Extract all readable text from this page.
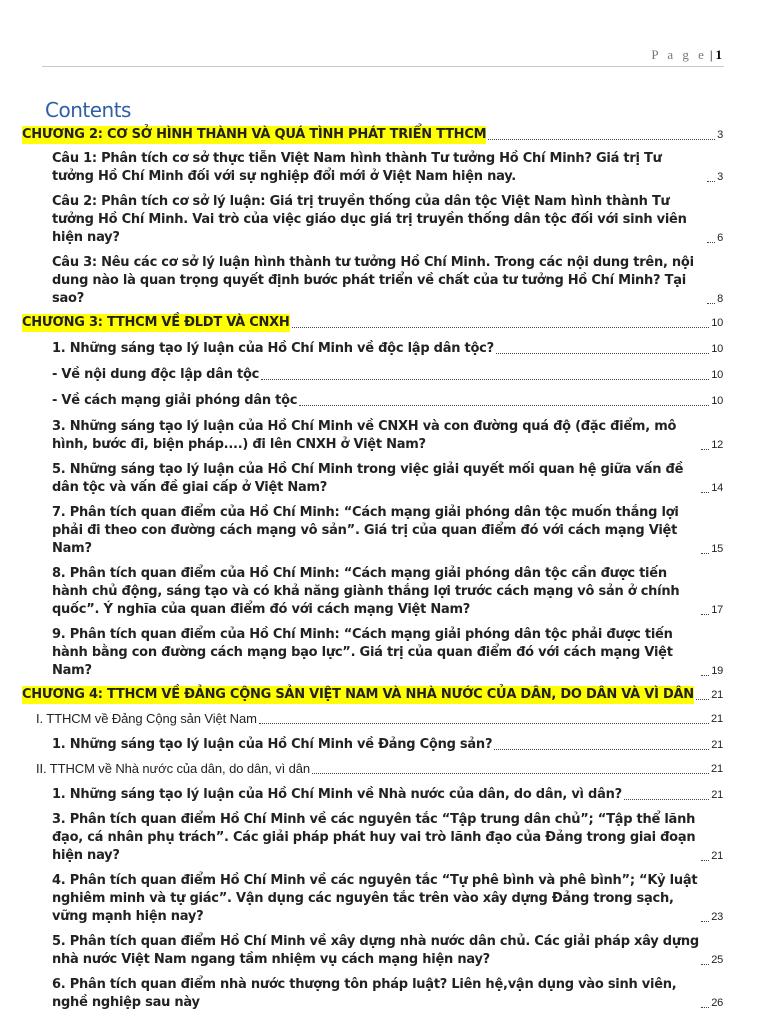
P a g e | 1
Contents
CHƯƠNG 2: CƠ SỞ HÌNH THÀNH VÀ QUÁ TÌNH PHÁT TRIỂN TTHCM	3
Câu 1: Phân tích cơ sở thực tiễn Việt Nam hình thành Tư tưởng Hồ Chí Minh? Giá trị Tư tưởng Hồ Chí Minh đối với sự nghiệp đổi mới ở Việt Nam hiện nay.	3
Câu 2: Phân tích cơ sở lý luận: Giá trị truyền thống của dân tộc Việt Nam hình thành Tư tưởng Hồ Chí Minh. Vai trò của việc giáo dục giá trị truyền thống dân tộc đối với sinh viên hiện nay?	6
Câu 3: Nêu các cơ sở lý luận hình thành tư tưởng Hồ Chí Minh. Trong các nội dung trên, nội dung nào là quan trọng quyết định bước phát triển về chất của tư tưởng Hồ Chí Minh? Tại sao?	8
CHƯƠNG 3: TTHCM VỀ ĐLDT VÀ CNXH	10
1. Những sáng tạo lý luận của Hồ Chí Minh về độc lập dân tộc?	10
- Về nội dung độc lập dân tộc	10
- Về cách mạng giải phóng dân tộc	10
3. Những sáng tạo lý luận của Hồ Chí Minh về CNXH và con đường quá độ (đặc điểm, mô hình, bước đi, biện pháp....) đi lên CNXH ở Việt Nam?	12
5. Những sáng tạo lý luận của Hồ Chí Minh trong việc giải quyết mối quan hệ giữa vấn đề dân tộc và vấn đề giai cấp ở Việt Nam?	14
7. Phân tích quan điểm của Hồ Chí Minh: “Cách mạng giải phóng dân tộc muốn thắng lợi phải đi theo con đường cách mạng vô sản”. Giá trị của quan điểm đó với cách mạng Việt Nam?	15
8. Phân tích quan điểm của Hồ Chí Minh: “Cách mạng giải phóng dân tộc cần được tiến hành chủ động, sáng tạo và có khả năng giành thắng lợi trước cách mạng vô sản ở chính quốc”. Ý nghĩa của quan điểm đó với cách mạng Việt Nam?	17
9. Phân tích quan điểm của Hồ Chí Minh: “Cách mạng giải phóng dân tộc phải được tiến hành bằng con đường cách mạng bạo lực”. Giá trị của quan điểm đó với cách mạng Việt Nam?	19
CHƯƠNG 4: TTHCM VỀ ĐẢNG CỘNG SẢN VIỆT NAM VÀ NHÀ NƯỚC CỦA DÂN, DO DÂN VÀ VÌ DÂN 21
I. TTHCM về Đảng Cộng sản Việt Nam	21
1. Những sáng tạo lý luận của Hồ Chí Minh về Đảng Cộng sản?	21
II. TTHCM về Nhà nước của dân, do dân, vì dân	21
1. Những sáng tạo lý luận của Hồ Chí Minh về Nhà nước của dân, do dân, vì dân?	21
3. Phân tích quan điểm Hồ Chí Minh về các nguyên tắc “Tập trung dân chủ”; “Tập thể lãnh đạo, cá nhân phụ trách”. Các giải pháp phát huy vai trò lãnh đạo của Đảng trong giai đoạn hiện nay?	21
4. Phân tích quan điểm Hồ Chí Minh về các nguyên tắc “Tự phê bình và phê bình”; “Kỷ luật nghiêm minh và tự giác”. Vận dụng các nguyên tắc trên vào xây dựng Đảng trong sạch, vững mạnh hiện nay?	23
5. Phân tích quan điểm Hồ Chí Minh về xây dựng nhà nước dân chủ. Các giải pháp xây dựng nhà nước Việt Nam ngang tầm nhiệm vụ cách mạng hiện nay?	25
6. Phân tích quan điểm nhà nước thượng tôn pháp luật? Liên hệ,vận dụng vào sinh viên, nghề nghiệp sau này	26
